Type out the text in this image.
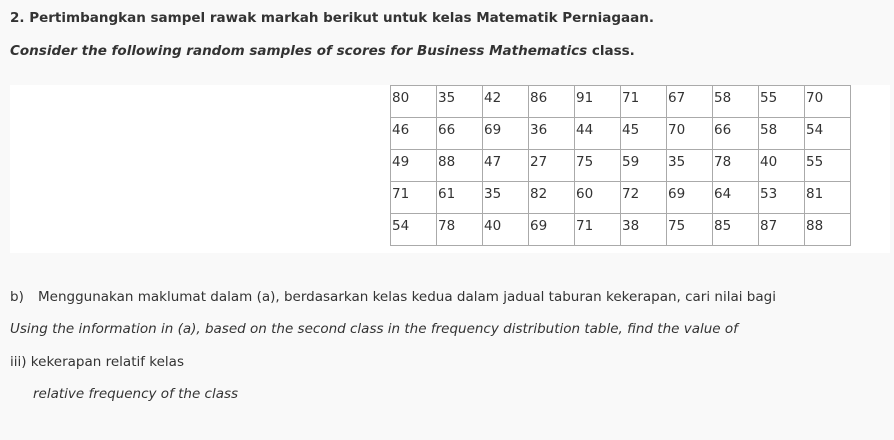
2. Pertimbangkan sampel rawak markah berikut untuk kelas Matematik Perniagaan.
Consider the following random samples of scores for Business Mathematics class.
80	35	42	86	91	71	67	58	55	70
46	66	69	36	44	45	70	66	58	54
49	88	47	27	75	59	35	78	40	55
71	61	35	82	60	72	69	64	53	81
54	78	40	69	71	38	75	85	87	88
b) Menggunakan maklumat dalam (a), berdasarkan kelas kedua dalam jadual taburan kekerapan, cari nilai bagi
Using the information in (a), based on the second class in the frequency distribution table, find the value of
iii) kekerapan relatif kelas
relative frequency of the class
